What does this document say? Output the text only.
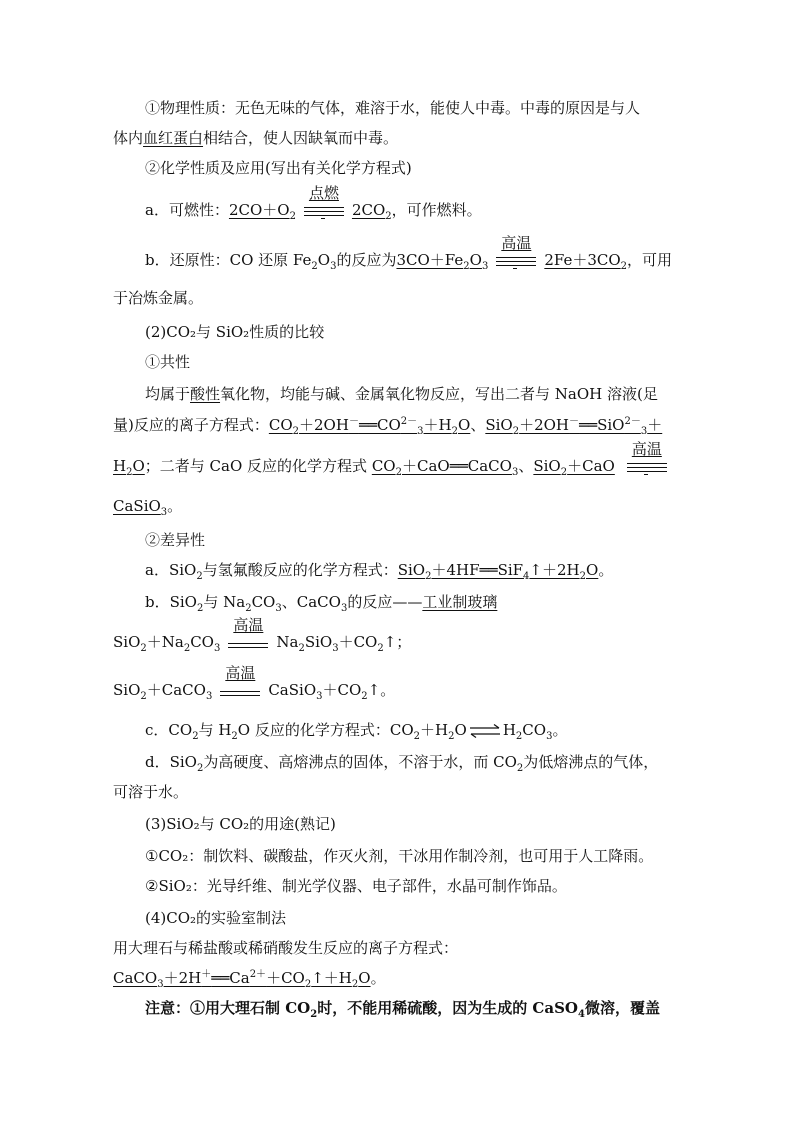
①物理性质：无色无味的气体，难溶于水，能使人中毒。中毒的原因是与人
体内血红蛋白相结合，使人因缺氧而中毒。
②化学性质及应用(写出有关化学方程式)
a．可燃性：$2CO+O_2$
点燃
$2CO_2$，可作燃料。
b．还原性：CO 还原 $Fe_2O_3$的反应为$3CO+Fe_2O_3$
高温
$2Fe+3CO_2$，可用
于冶炼金属。
(2)CO₂与 SiO₂性质的比较
①共性
均属于酸性氧化物，均能与碱、金属氧化物反应，写出二者与 NaOH 溶液(足
量)反应的离子方程式：$CO_2+2OH^-══CO^{2-}_3+H_2O$、SiO$_2$＋2OH－══SiO$^{2-}_3$＋
$H_2O$；二者与 CaO 反应的化学方程式 $CO_2+CaO══CaCO_3$、SiO$_2$＋CaO
高温
CaSiO$_3$。
②差异性
a．SiO$_2$与氢氟酸反应的化学方程式：$SiO_2+4HF══SiF_4↑+2H_2O$。
b．SiO$_2$与 $Na_2CO_3$、CaCO$_3$的反应——工业制玻璃
$SiO_2+Na_2CO_3$
高温
$Na_2SiO_3+CO_2↑$；
SiO$_2$＋CaCO$_3$
高温
$CaSiO_3+CO_2↑$。
c．$CO_2$与 $H_2O$ 反应的化学方程式：$CO_2+H_2O$ ⇌ $H_2CO_3$。
d．SiO$_2$为高硬度、高熔沸点的固体，不溶于水，而 $CO_2$为低熔沸点的气体，
可溶于水。
(3)SiO₂与 CO₂的用途(熟记)
①CO₂：制饮料、碳酸盐，作灭火剂，干冰用作制冷剂，也可用于人工降雨。
②SiO₂：光导纤维、制光学仪器、电子部件，水晶可制作饰品。
(4)CO₂的实验室制法
用大理石与稀盐酸或稀硝酸发生反应的离子方程式：
$CaCO_3+2H^+══Ca^{2+}+CO_2↑+H_2O$。
注意：①用大理石制 $CO_2$时，不能用稀硫酸，因为生成的 CaSO$_4$微溶，覆盖
